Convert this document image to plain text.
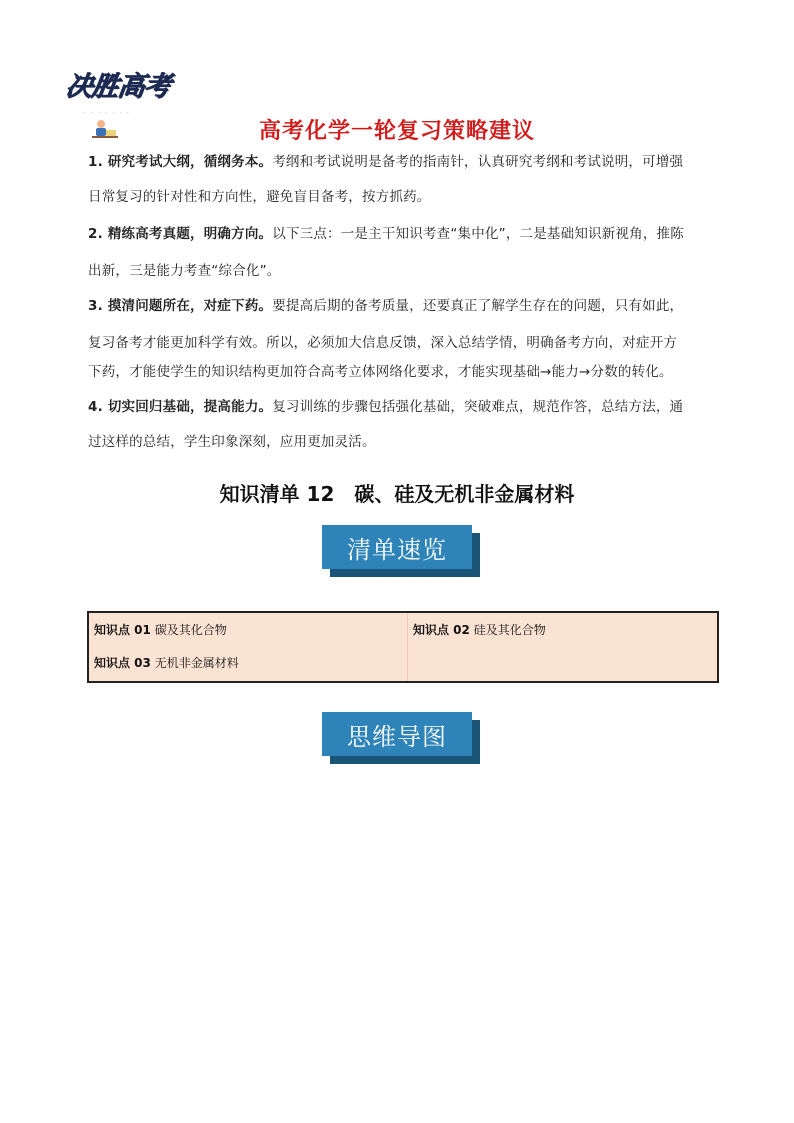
决胜高考
· · · · · · ·
高考化学一轮复习策略建议

1. 研究考试大纲，循纲务本。考纲和考试说明是备考的指南针，认真研究考纲和考试说明，可增强

日常复习的针对性和方向性，避免盲目备考，按方抓药。

2. 精练高考真题，明确方向。以下三点：一是主干知识考查“集中化”，二是基础知识新视角，推陈

出新，三是能力考查“综合化”。

3. 摸清问题所在，对症下药。要提高后期的备考质量，还要真正了解学生存在的问题，只有如此，

复习备考才能更加科学有效。所以，必须加大信息反馈，深入总结学情，明确备考方向，对症开方

下药，才能使学生的知识结构更加符合高考立体网络化要求，才能实现基础→能力→分数的转化。

4. 切实回归基础，提高能力。复习训练的步骤包括强化基础，突破难点，规范作答，总结方法，通

过这样的总结，学生印象深刻，应用更加灵活。

知识清单 12　碳、硅及无机非金属材料
清单速览
知识点 01 碳及其化合物	知识点 02 硅及其化合物
知识点 03 无机非金属材料
思维导图
